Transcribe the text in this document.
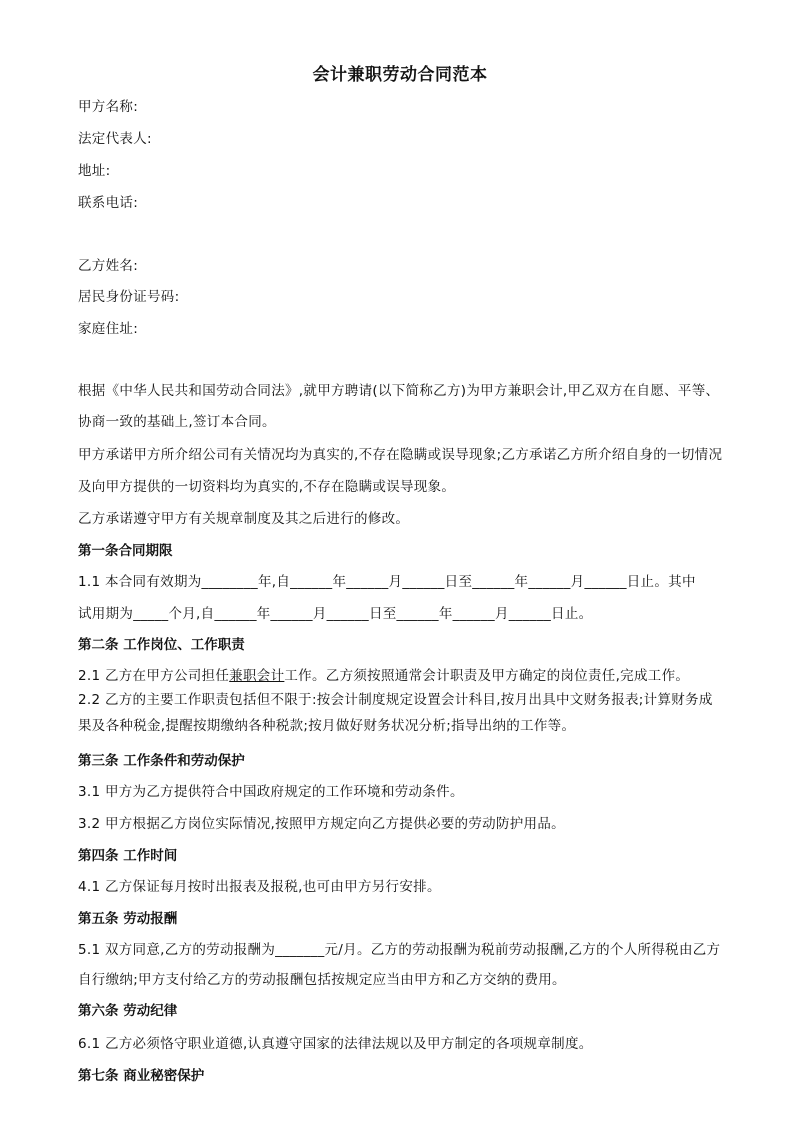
会计兼职劳动合同范本
甲方名称:
法定代表人:
地址:
联系电话:
乙方姓名:
居民身份证号码:
家庭住址:
根据《中华人民共和国劳动合同法》,就甲方聘请(以下简称乙方)为甲方兼职会计,甲乙双方在自愿、平等、
协商一致的基础上,签订本合同。
甲方承诺甲方所介绍公司有关情况均为真实的,不存在隐瞒或误导现象;乙方承诺乙方所介绍自身的一切情况
及向甲方提供的一切资料均为真实的,不存在隐瞒或误导现象。
乙方承诺遵守甲方有关规章制度及其之后进行的修改。
第一条合同期限
1.1 本合同有效期为________年,自______年______月______日至______年______月______日止。其中
试用期为_____个月,自______年______月______日至______年______月______日止。
第二条 工作岗位、工作职责
2.1 乙方在甲方公司担任兼职会计工作。乙方须按照通常会计职责及甲方确定的岗位责任,完成工作。
2.2 乙方的主要工作职责包括但不限于:按会计制度规定设置会计科目,按月出具中文财务报表;计算财务成
果及各种税金,提醒按期缴纳各种税款;按月做好财务状况分析;指导出纳的工作等。
第三条 工作条件和劳动保护
3.1 甲方为乙方提供符合中国政府规定的工作环境和劳动条件。
3.2 甲方根据乙方岗位实际情况,按照甲方规定向乙方提供必要的劳动防护用品。
第四条 工作时间
4.1 乙方保证每月按时出报表及报税,也可由甲方另行安排。
第五条 劳动报酬
5.1 双方同意,乙方的劳动报酬为_______元/月。乙方的劳动报酬为税前劳动报酬,乙方的个人所得税由乙方
自行缴纳;甲方支付给乙方的劳动报酬包括按规定应当由甲方和乙方交纳的费用。
第六条 劳动纪律
6.1 乙方必须恪守职业道德,认真遵守国家的法律法规以及甲方制定的各项规章制度。
第七条 商业秘密保护
